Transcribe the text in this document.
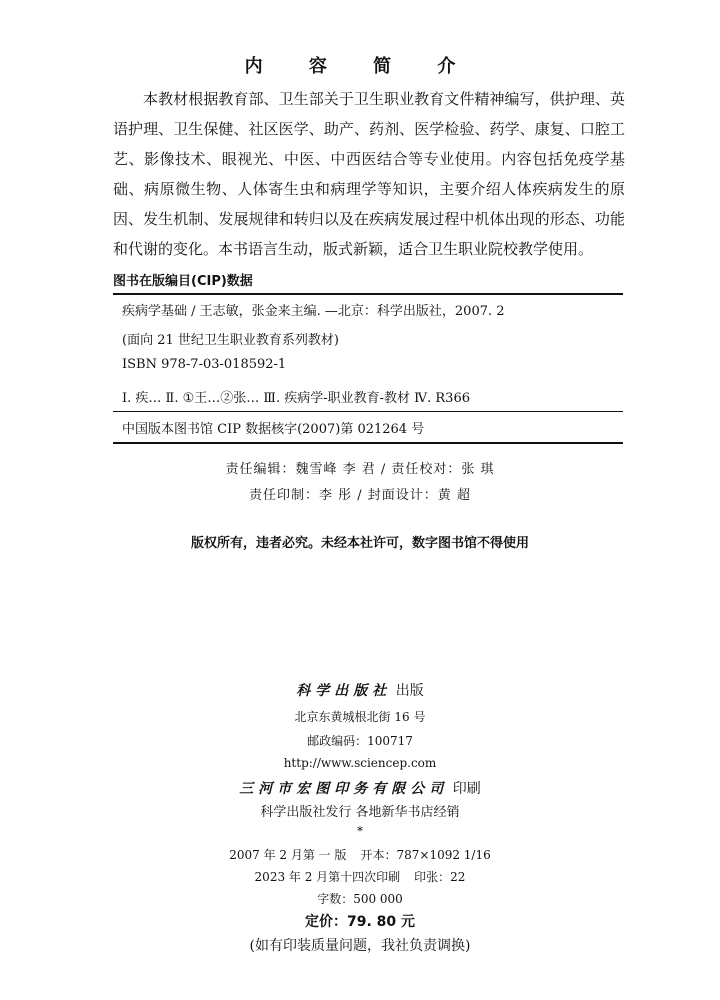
内 容 简 介
本教材根据教育部、卫生部关于卫生职业教育文件精神编写，供护理、英语护理、卫生保健、社区医学、助产、药剂、医学检验、药学、康复、口腔工艺、影像技术、眼视光、中医、中西医结合等专业使用。内容包括免疫学基础、病原微生物、人体寄生虫和病理学等知识，主要介绍人体疾病发生的原因、发生机制、发展规律和转归以及在疾病发展过程中机体出现的形态、功能和代谢的变化。本书语言生动，版式新颖，适合卫生职业院校教学使用。
图书在版编目(CIP)数据
疾病学基础 / 王志敏，张金来主编. —北京：科学出版社，2007. 2
(面向 21 世纪卫生职业教育系列教材)
ISBN 978-7-03-018592-1
Ⅰ. 疾… Ⅱ. ①王…②张… Ⅲ. 疾病学-职业教育-教材 Ⅳ. R366
中国版本图书馆 CIP 数据核字(2007)第 021264 号
责任编辑：魏雪峰 李 君 / 责任校对：张 琪
责任印制：李 彤 / 封面设计：黄 超
版权所有，违者必究。未经本社许可，数字图书馆不得使用
科学出版社 出版
北京东黄城根北街 16 号
邮政编码：100717
http://www.sciencep.com
三河市宏图印务有限公司 印刷
科学出版社发行 各地新华书店经销
*
2007 年 2 月第 一 版 开本：787×1092 1/16
2023 年 2 月第十四次印刷 印张：22
字数：500 000
定价：79. 80 元
(如有印装质量问题，我社负责调换)
